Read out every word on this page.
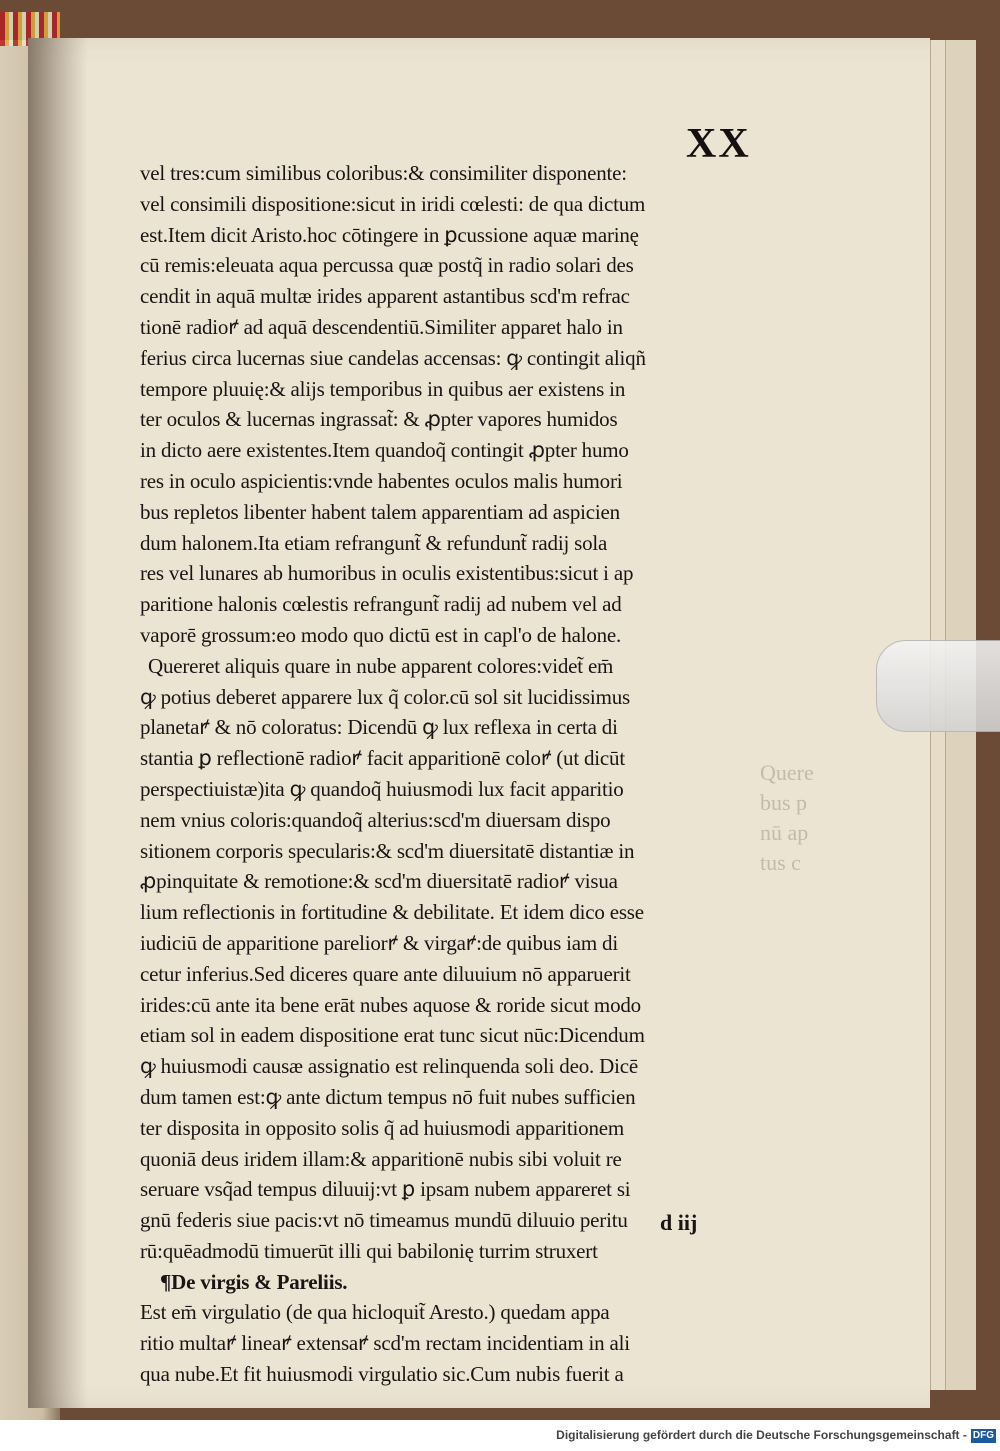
Quere
bus p
nū ap
tus c
XX
vel tres:cum similibus coloribus:& consimiliter disponente:
vel consimili dispositione:sicut in iridi cœlesti: de qua dictum
est.Item dicit Aristo.hoc cōtingere in ꝑcussione aquæ marinę
cū remis:eleuata aqua percussa quæ postq̃ in radio solari des
cendit in aquā multæ irides apparent astantibus scd'm refrac
tionē radioꝵ ad aquā descendentiū.Similiter apparet halo in
ferius circa lucernas siue candelas accensas: ꝙ contingit aliqñ
tempore pluuię:& alijs temporibus in quibus aer existens in
ter oculos & lucernas ingrassat̃: & ꝓpter vapores humidos
in dicto aere existentes.Item quandoq̃ contingit ꝓpter humo
res in oculo aspicientis:vnde habentes oculos malis humori
bus repletos libenter habent talem apparentiam ad aspicien
dum halonem.Ita etiam refrangunt̃ & refundunt̃ radij sola
res vel lunares ab humoribus in oculis existentibus:sicut i ap
paritione halonis cœlestis refrangunt̃ radij ad nubem vel ad
vaporē grossum:eo modo quo dictū est in capl'o de halone.
Quereret aliquis quare in nube apparent colores:videt̃ em̄
ꝙ potius deberet apparere lux q̃ color.cū sol sit lucidissimus
planetaꝵ & nō coloratus: Dicendū ꝙ lux reflexa in certa di
stantia ꝑ reflectionē radioꝵ facit apparitionē coloꝵ (ut dicūt
perspectiuistæ)ita ꝙ quandoq̃ huiusmodi lux facit apparitio
nem vnius coloris:quandoq̃ alterius:scd'm diuersam dispo
sitionem corporis specularis:& scd'm diuersitatē distantiæ in
ꝓpinquitate & remotione:& scd'm diuersitatē radioꝵ visua
lium reflectionis in fortitudine & debilitate. Et idem dico esse
iudiciū de apparitione pareliorꝵ & virgaꝵ:de quibus iam di
cetur inferius.Sed diceres quare ante diluuium nō apparuerit
irides:cū ante ita bene erāt nubes aquose & roride sicut modo
etiam sol in eadem dispositione erat tunc sicut nūc:Dicendum
ꝙ huiusmodi causæ assignatio est relinquenda soli deo. Dicē
dum tamen est:ꝙ ante dictum tempus nō fuit nubes sufficien
ter disposita in opposito solis q̃ ad huiusmodi apparitionem
quoniā deus iridem illam:& apparitionē nubis sibi voluit re
seruare vsq̃ad tempus diluuij:vt ꝑ ipsam nubem appareret si
gnū federis siue pacis:vt nō timeamus mundū diluuio peritu
rū:quēadmodū timuerūt illi qui babilonię turrim struxert
¶De virgis & Pareliis.
Est em̄ virgulatio (de qua hicloquit̃ Aresto.) quedam appa
ritio multaꝵ lineaꝵ extensaꝵ scd'm rectam incidentiam in ali
qua nube.Et fit huiusmodi virgulatio sic.Cum nubis fuerit a
d iij
Digitalisierung gefördert durch die Deutsche Forschungsgemeinschaft - DFG
